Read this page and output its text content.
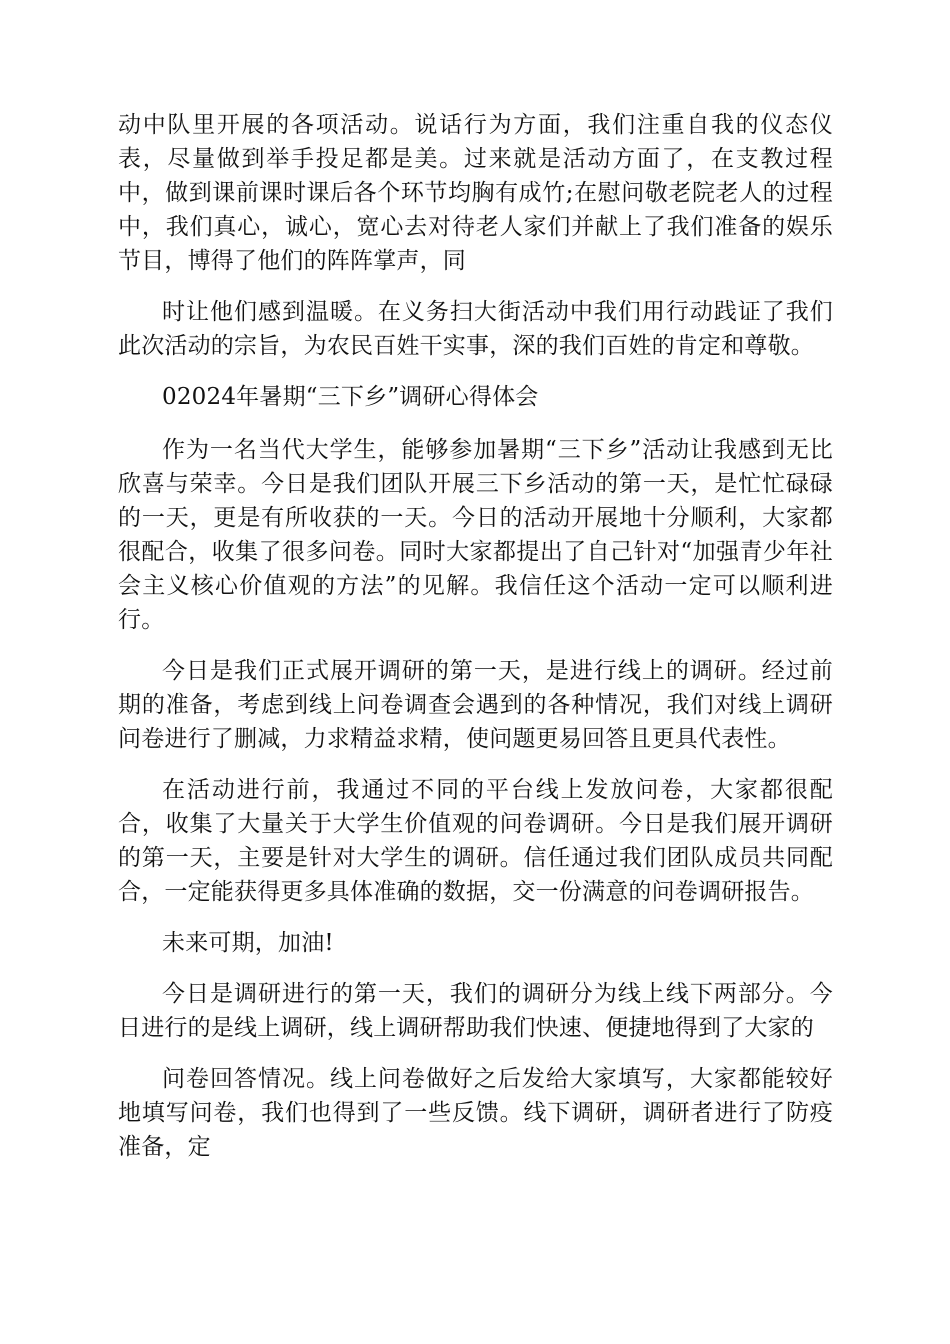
动中队里开展的各项活动。说话行为方面，我们注重自我的仪态仪表，尽量做到举手投足都是美。过来就是活动方面了，在支教过程中，做到课前课时课后各个环节均胸有成竹;在慰问敬老院老人的过程中，我们真心，诚心，宽心去对待老人家们并献上了我们准备的娱乐节目，博得了他们的阵阵掌声，同

时让他们感到温暖。在义务扫大街活动中我们用行动践证了我们此次活动的宗旨，为农民百姓干实事，深的我们百姓的肯定和尊敬。

02024年暑期“三下乡”调研心得体会

作为一名当代大学生，能够参加暑期“三下乡”活动让我感到无比欣喜与荣幸。今日是我们团队开展三下乡活动的第一天，是忙忙碌碌的一天，更是有所收获的一天。今日的活动开展地十分顺利，大家都很配合，收集了很多问卷。同时大家都提出了自己针对“加强青少年社会主义核心价值观的方法”的见解。我信任这个活动一定可以顺利进行。

今日是我们正式展开调研的第一天，是进行线上的调研。经过前期的准备，考虑到线上问卷调查会遇到的各种情况，我们对线上调研问卷进行了删减，力求精益求精，使问题更易回答且更具代表性。

在活动进行前，我通过不同的平台线上发放问卷，大家都很配合，收集了大量关于大学生价值观的问卷调研。今日是我们展开调研的第一天，主要是针对大学生的调研。信任通过我们团队成员共同配合，一定能获得更多具体准确的数据，交一份满意的问卷调研报告。

未来可期，加油!

今日是调研进行的第一天，我们的调研分为线上线下两部分。今日进行的是线上调研，线上调研帮助我们快速、便捷地得到了大家的

问卷回答情况。线上问卷做好之后发给大家填写，大家都能较好地填写问卷，我们也得到了一些反馈。线下调研，调研者进行了防疫准备，定
